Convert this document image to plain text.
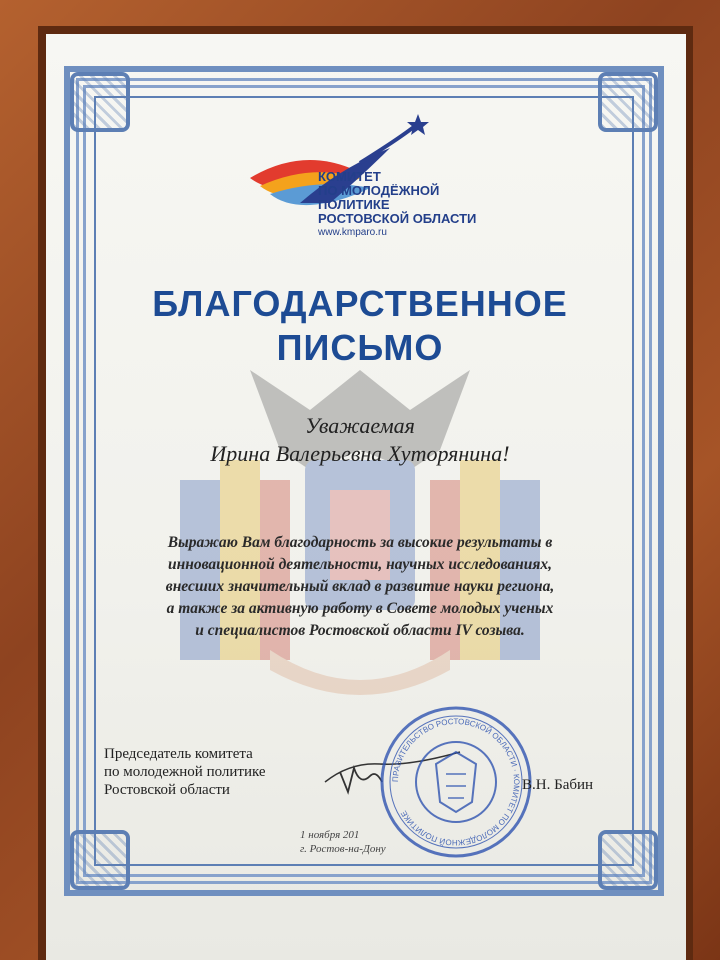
КОМИТЕТ
ПО МОЛОДЁЖНОЙ
ПОЛИТИКЕ
РОСТОВСКОЙ ОБЛАСТИ
www.kmparo.ru
БЛАГОДАРСТВЕННОЕ
ПИСЬМО
Уважаемая
Ирина Валерьевна Хуторянина!
Выражаю Вам благодарность за высокие результаты в
инновационной деятельности, научных исследованиях,
внесших значительный вклад в развитие науки региона,
а также за активную работу в Совете молодых ученых
и специалистов Ростовской области IV созыва.
Председатель комитета
по молодежной политике
Ростовской области
ПРАВИТЕЛЬСТВО РОСТОВСКОЙ ОБЛАСТИ · КОМИТЕТ ПО МОЛОДЕЖНОЙ ПОЛИТИКЕ
В.Н. Бабин
1 ноября 201
г. Ростов-на-Дону
